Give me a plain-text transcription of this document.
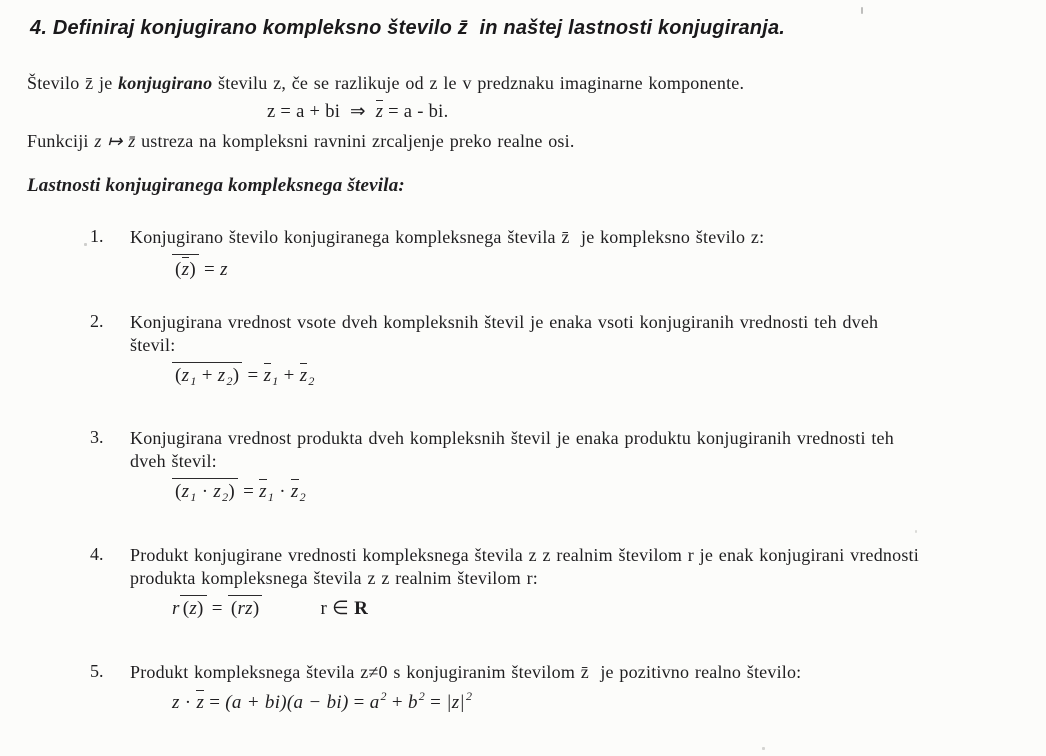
4. Definiraj konjugirano kompleksno število z̄  in naštej lastnosti konjugiranja.
Število z̄ je konjugirano številu z, če se razlikuje od z le v predznaku imaginarne komponente.
z = a + bi  ⇒ z = a - bi.
Funkciji z ↦ z̄ ustreza na kompleksni ravnini zrcaljenje preko realne osi.
Lastnosti konjugiranega kompleksnega števila:
1. Konjugirano število konjugiranega kompleksnega števila z̄  je kompleksno število z:
(z) = z
2. Konjugirana vrednost vsote dveh kompleksnih števil je enaka vsoti konjugiranih vrednosti teh dveh
števil:
$(z_1 + z_2) = z_1 + z_2$
3. Konjugirana vrednost produkta dveh kompleksnih števil je enaka produktu konjugiranih vrednosti teh
dveh števil:
$(z_1 \cdot z_2) = z_1 \cdot z_2$
4. Produkt konjugirane vrednosti kompleksnega števila z z realnim številom r je enak konjugirani vrednosti
produkta kompleksnega števila z z realnim številom r:
r (z) = (rz)	r ∈ R
5. Produkt kompleksnega števila z≠0 s konjugiranim številom z̄  je pozitivno realno število:
$z \cdot z = (a + bi)(a - bi) = a^2 + b^2 = |z|^2$
